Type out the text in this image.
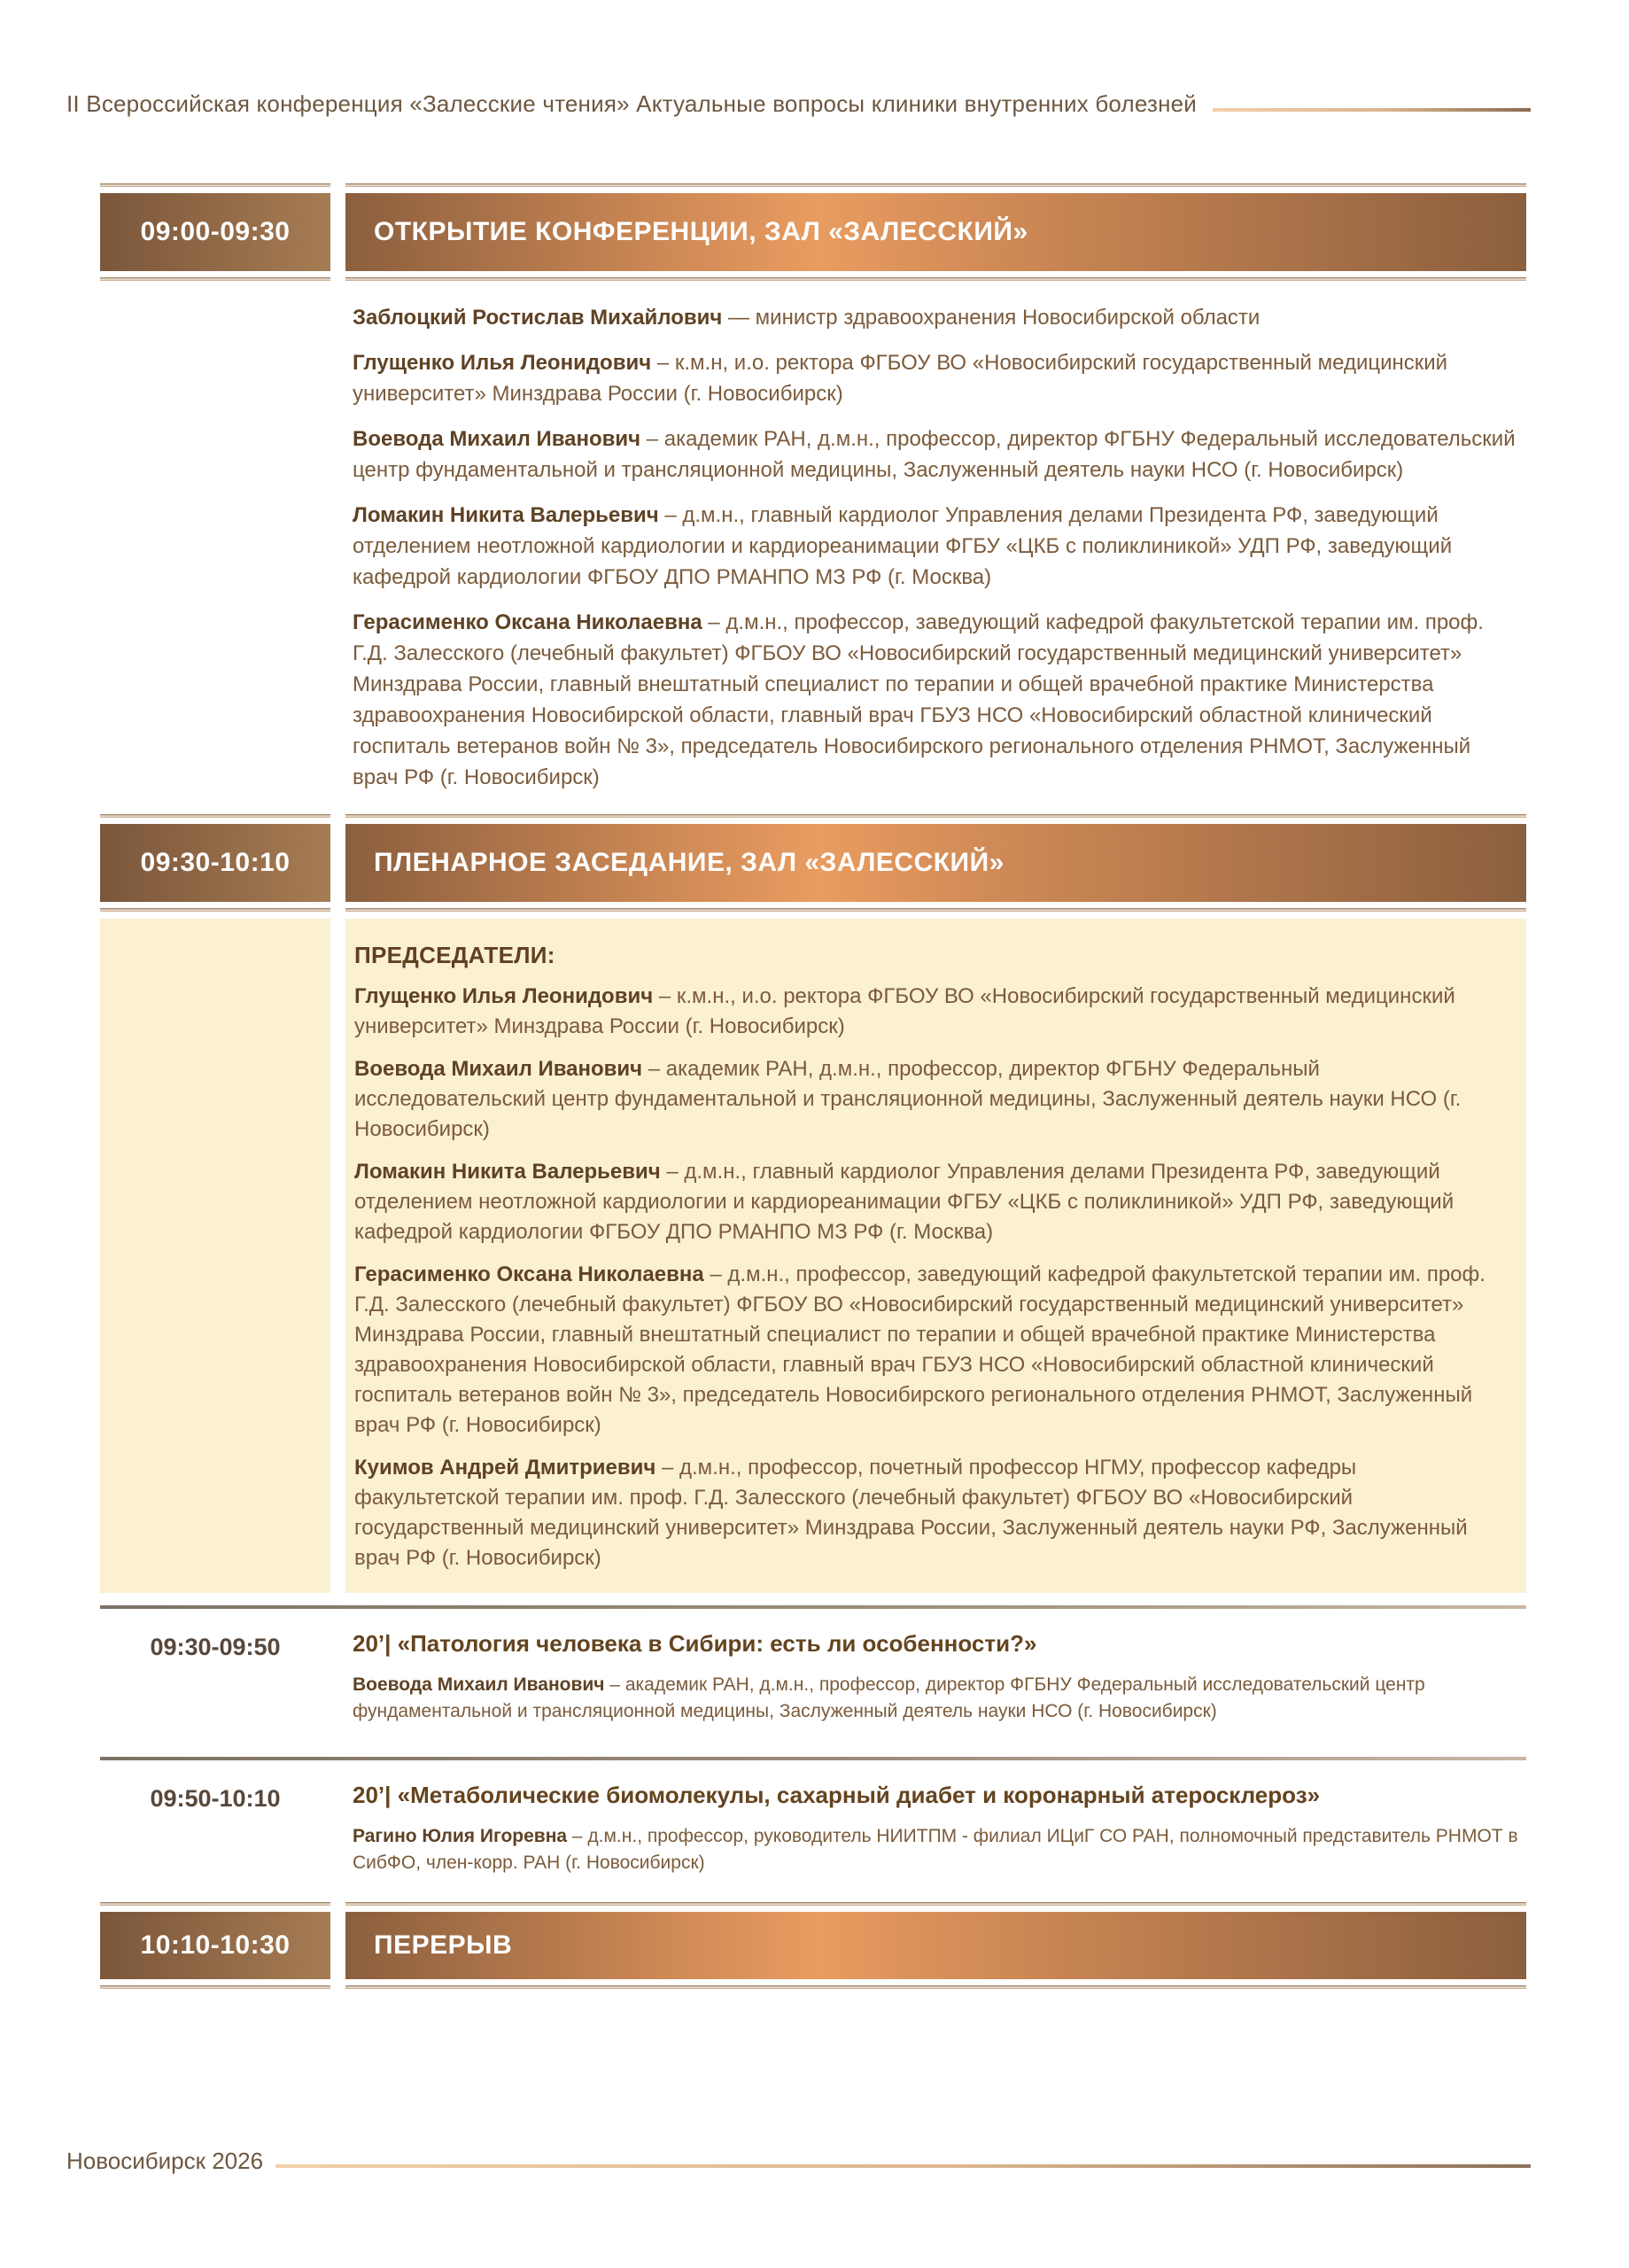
II Всероссийская конференция «Залесские чтения» Актуальные вопросы клиники внутренних болезней
09:00-09:30	ОТКРЫТИЕ КОНФЕРЕНЦИИ, ЗАЛ «ЗАЛЕССКИЙ»

Заблоцкий Ростислав Михайлович — министр здравоохранения Новосибирской области

Глущенко Илья Леонидович – к.м.н, и.о. ректора ФГБОУ ВО «Новосибирский государственный медицинский университет» Минздрава России (г. Новосибирск)

Воевода Михаил Иванович – академик РАН, д.м.н., профессор, директор ФГБНУ Федеральный исследовательский центр фундаментальной и трансляционной медицины, Заслуженный деятель науки НСО (г. Новосибирск)

Ломакин Никита Валерьевич – д.м.н., главный кардиолог Управления делами Президента РФ, заведующий отделением неотложной кардиологии и кардиореанимации ФГБУ «ЦКБ с поликлиникой» УДП РФ, заведующий кафедрой кардиологии ФГБОУ ДПО РМАНПО МЗ РФ (г. Москва)

Герасименко Оксана Николаевна – д.м.н., профессор, заведующий кафедрой факультетской терапии им. проф. Г.Д. Залесского (лечебный факультет) ФГБОУ ВО «Новосибирский государственный медицинский университет» Минздрава России, главный внештатный специалист по терапии и общей врачебной практике Министерства здравоохранения Новосибирской области, главный врач ГБУЗ НСО «Новосибирский областной клинический госпиталь ветеранов войн № 3», председатель Новосибирского регионального отделения РНМОТ, Заслуженный врач РФ (г. Новосибирск)

09:30-10:10	ПЛЕНАРНОЕ ЗАСЕДАНИЕ, ЗАЛ «ЗАЛЕССКИЙ»

ПРЕДСЕДАТЕЛИ:

Глущенко Илья Леонидович – к.м.н., и.о. ректора ФГБОУ ВО «Новосибирский государственный медицинский университет» Минздрава России (г. Новосибирск)

Воевода Михаил Иванович – академик РАН, д.м.н., профессор, директор ФГБНУ Федеральный исследовательский центр фундаментальной и трансляционной медицины, Заслуженный деятель науки НСО (г. Новосибирск)

Ломакин Никита Валерьевич – д.м.н., главный кардиолог Управления делами Президента РФ, заведующий отделением неотложной кардиологии и кардиореанимации ФГБУ «ЦКБ с поликлиникой» УДП РФ, заведующий кафедрой кардиологии ФГБОУ ДПО РМАНПО МЗ РФ (г. Москва)

Герасименко Оксана Николаевна – д.м.н., профессор, заведующий кафедрой факультетской терапии им. проф. Г.Д. Залесского (лечебный факультет) ФГБОУ ВО «Новосибирский государственный медицинский университет» Минздрава России, главный внештатный специалист по терапии и общей врачебной практике Министерства здравоохранения Новосибирской области, главный врач ГБУЗ НСО «Новосибирский областной клинический госпиталь ветеранов войн № 3», председатель Новосибирского регионального отделения РНМОТ, Заслуженный врач РФ (г. Новосибирск)

Куимов Андрей Дмитриевич – д.м.н., профессор, почетный профессор НГМУ, профессор кафедры факультетской терапии им. проф. Г.Д. Залесского (лечебный факультет) ФГБОУ ВО «Новосибирский государственный медицинский университет» Минздрава России, Заслуженный деятель науки РФ, Заслуженный врач РФ (г. Новосибирск)

09:30-09:50	20’| «Патология человека в Сибири: есть ли особенности?»

Воевода Михаил Иванович – академик РАН, д.м.н., профессор, директор ФГБНУ Федеральный исследовательский центр фундаментальной и трансляционной медицины, Заслуженный деятель науки НСО (г. Новосибирск)

09:50-10:10	20’| «Метаболические биомолекулы, сахарный диабет и коронарный атеросклероз»

Рагино Юлия Игоревна – д.м.н., профессор, руководитель НИИТПМ - филиал ИЦиГ СО РАН, полномочный представитель РНМОТ в СибФО, член-корр. РАН (г. Новосибирск)

10:10-10:30	ПЕРЕРЫВ
Новосибирск 2026
